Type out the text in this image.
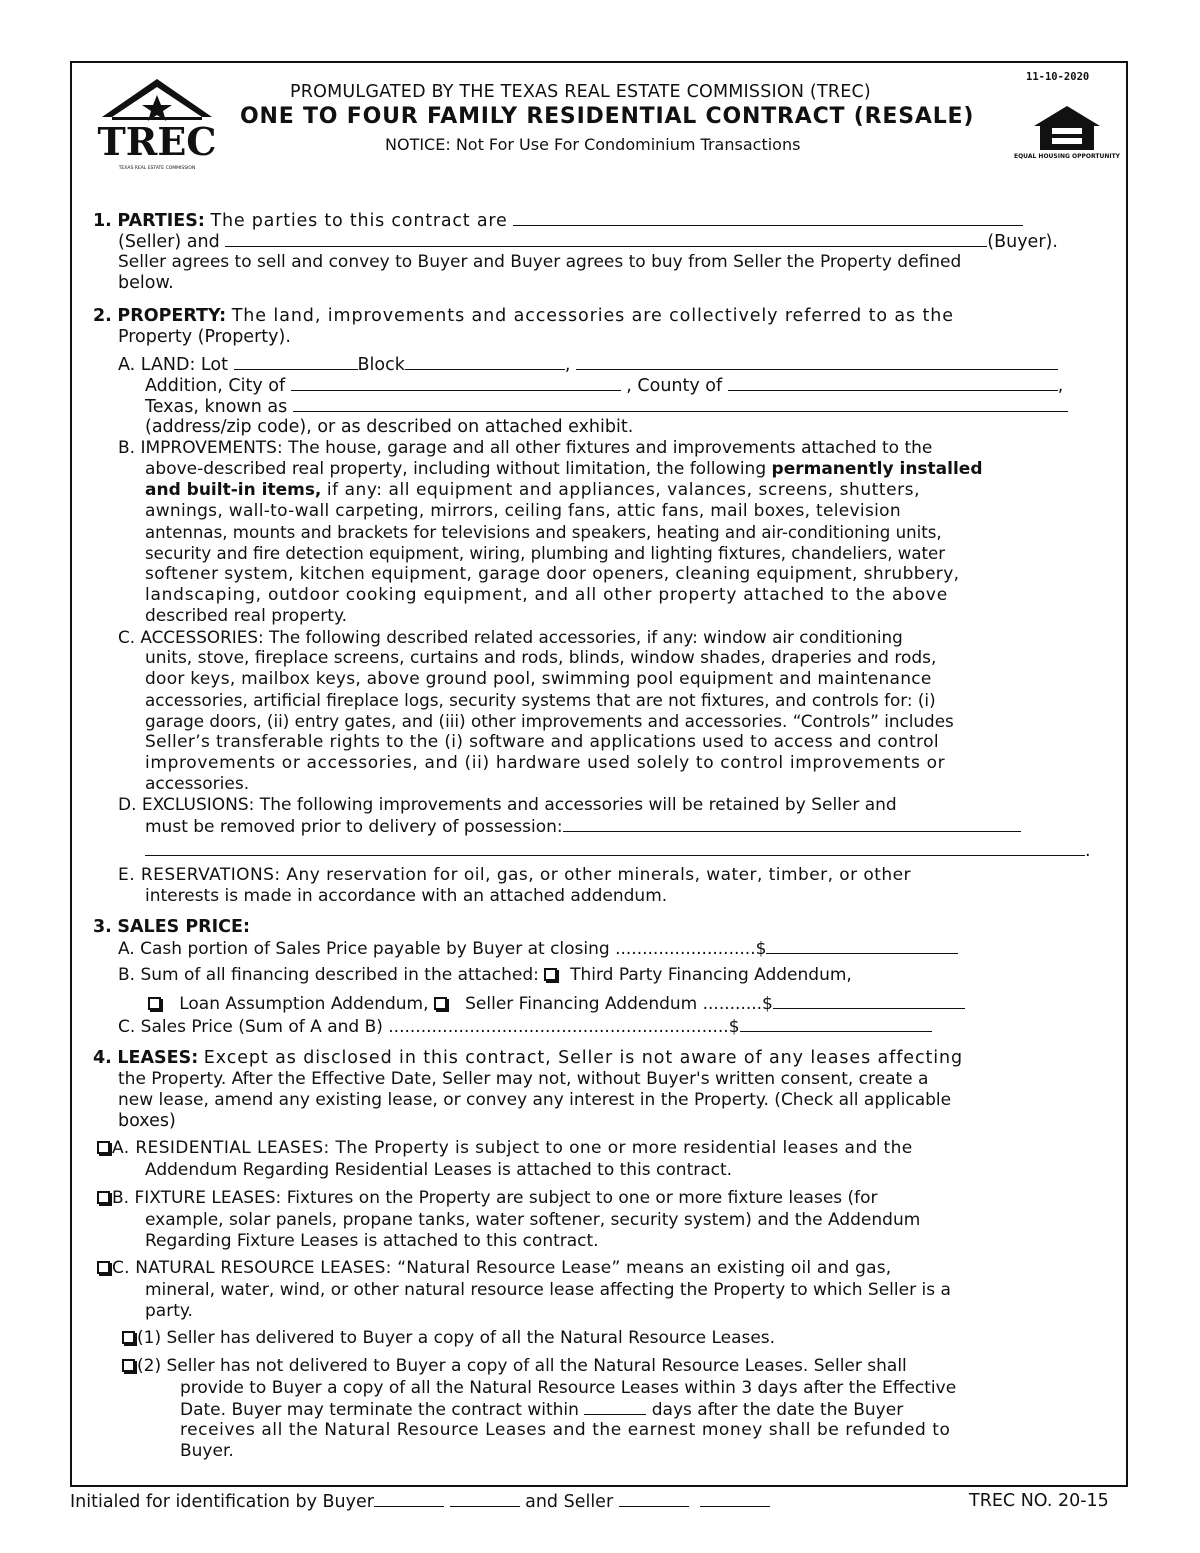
TREC
TEXAS REAL ESTATE COMMISSION
11-10-2020
PROMULGATED BY THE TEXAS REAL ESTATE COMMISSION (TREC)
ONE TO FOUR FAMILY RESIDENTIAL CONTRACT (RESALE)
NOTICE: Not For Use For Condominium Transactions
EQUAL HOUSING OPPORTUNITY
1. PARTIES: The parties to this contract are
(Seller) and	(Buyer).
Seller agrees to sell and convey to Buyer and Buyer agrees to buy from Seller the Property defined
below.
2. PROPERTY: The land, improvements and accessories are collectively referred to as the
Property (Property).
A. LAND: Lot	Block	,
Addition, City of	, County of	,
Texas, known as
(address/zip code), or as described on attached exhibit.
B. IMPROVEMENTS: The house, garage and all other fixtures and improvements attached to the
above-described real property, including without limitation, the following permanently installed
and built-in items, if any: all equipment and appliances, valances, screens, shutters,
awnings, wall-to-wall carpeting, mirrors, ceiling fans, attic fans, mail boxes, television
antennas, mounts and brackets for televisions and speakers, heating and air-conditioning units,
security and fire detection equipment, wiring, plumbing and lighting fixtures, chandeliers, water
softener system, kitchen equipment, garage door openers, cleaning equipment, shrubbery,
landscaping, outdoor cooking equipment, and all other property attached to the above
described real property.
C. ACCESSORIES: The following described related accessories, if any: window air conditioning
units, stove, fireplace screens, curtains and rods, blinds, window shades, draperies and rods,
door keys, mailbox keys, above ground pool, swimming pool equipment and maintenance
accessories, artificial fireplace logs, security systems that are not fixtures, and controls for: (i)
garage doors, (ii) entry gates, and (iii) other improvements and accessories. “Controls” includes
Seller’s transferable rights to the (i) software and applications used to access and control
improvements or accessories, and (ii) hardware used solely to control improvements or
accessories.
D. EXCLUSIONS: The following improvements and accessories will be retained by Seller and
must be removed prior to delivery of possession:
.
E. RESERVATIONS: Any reservation for oil, gas, or other minerals, water, timber, or other
interests is made in accordance with an attached addendum.
3. SALES PRICE:
A. Cash portion of Sales Price payable by Buyer at closing ..........................$
B. Sum of all financing described in the attached: Third Party Financing Addendum,
Loan Assumption Addendum, Seller Financing Addendum ...........$
C. Sales Price (Sum of A and B) ...............................................................$
4. LEASES: Except as disclosed in this contract, Seller is not aware of any leases affecting
the Property. After the Effective Date, Seller may not, without Buyer's written consent, create a
new lease, amend any existing lease, or convey any interest in the Property. (Check all applicable
boxes)
A. RESIDENTIAL LEASES: The Property is subject to one or more residential leases and the
Addendum Regarding Residential Leases is attached to this contract.
B. FIXTURE LEASES: Fixtures on the Property are subject to one or more fixture leases (for
example, solar panels, propane tanks, water softener, security system) and the Addendum
Regarding Fixture Leases is attached to this contract.
C. NATURAL RESOURCE LEASES: “Natural Resource Lease” means an existing oil and gas,
mineral, water, wind, or other natural resource lease affecting the Property to which Seller is a
party.
(1) Seller has delivered to Buyer a copy of all the Natural Resource Leases.
(2) Seller has not delivered to Buyer a copy of all the Natural Resource Leases. Seller shall
provide to Buyer a copy of all the Natural Resource Leases within 3 days after the Effective
Date. Buyer may terminate the contract within	days after the date the Buyer
receives all the Natural Resource Leases and the earnest money shall be refunded to
Buyer.
Initialed for identification by Buyer	and Seller	TREC NO. 20-15
